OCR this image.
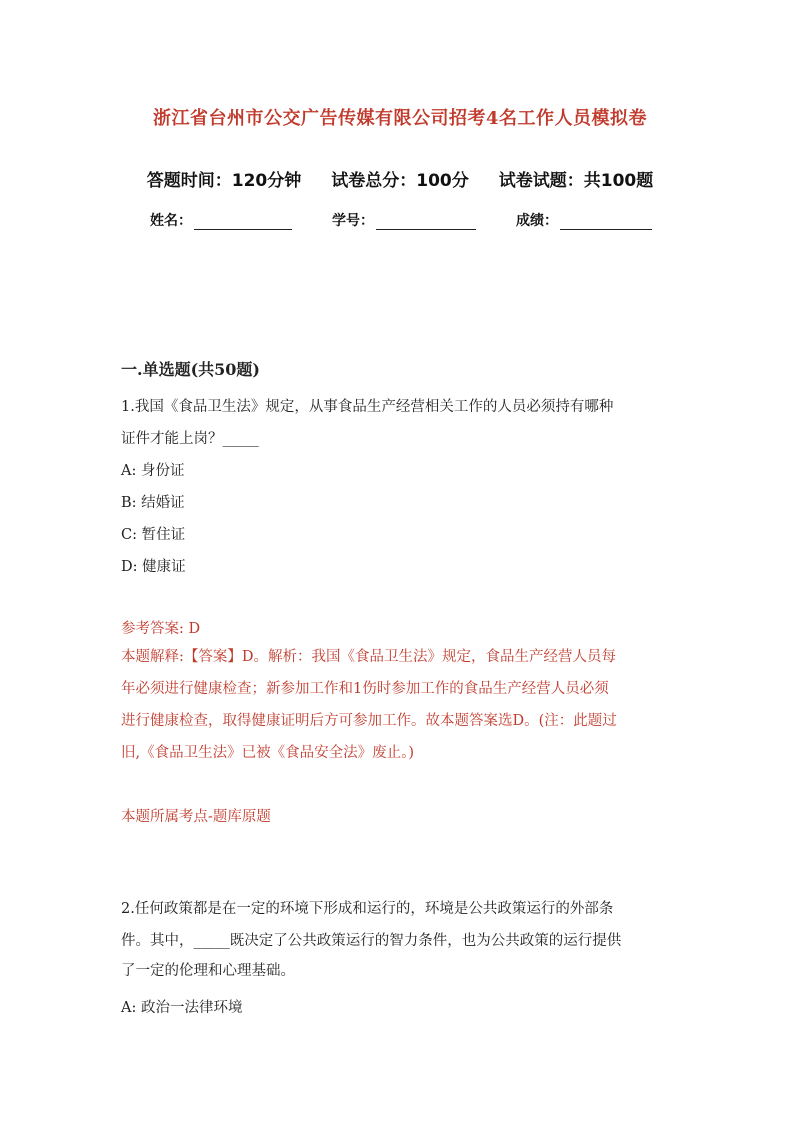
浙江省台州市公交广告传媒有限公司招考4名工作人员模拟卷
答题时间：120分钟 试卷总分：100分 试卷试题：共100题
姓名：	学号：	成绩：
一.单选题(共50题)
1.我国《食品卫生法》规定，从事食品生产经营相关工作的人员必须持有哪种
证件才能上岗？_____
A: 身份证
B: 结婚证
C: 暂住证
D: 健康证
参考答案: D
本题解释:【答案】D。解析：我国《食品卫生法》规定，食品生产经营人员每
年必须进行健康检查；新参加工作和1伤时参加工作的食品生产经营人员必须
进行健康检查，取得健康证明后方可参加工作。故本题答案选D。(注：此题过
旧,《食品卫生法》已被《食品安全法》废止。)
本题所属考点-题库原题
2.任何政策都是在一定的环境下形成和运行的，环境是公共政策运行的外部条
件。其中，_____既决定了公共政策运行的智力条件，也为公共政策的运行提供
了一定的伦理和心理基础。
A: 政治一法律环境
